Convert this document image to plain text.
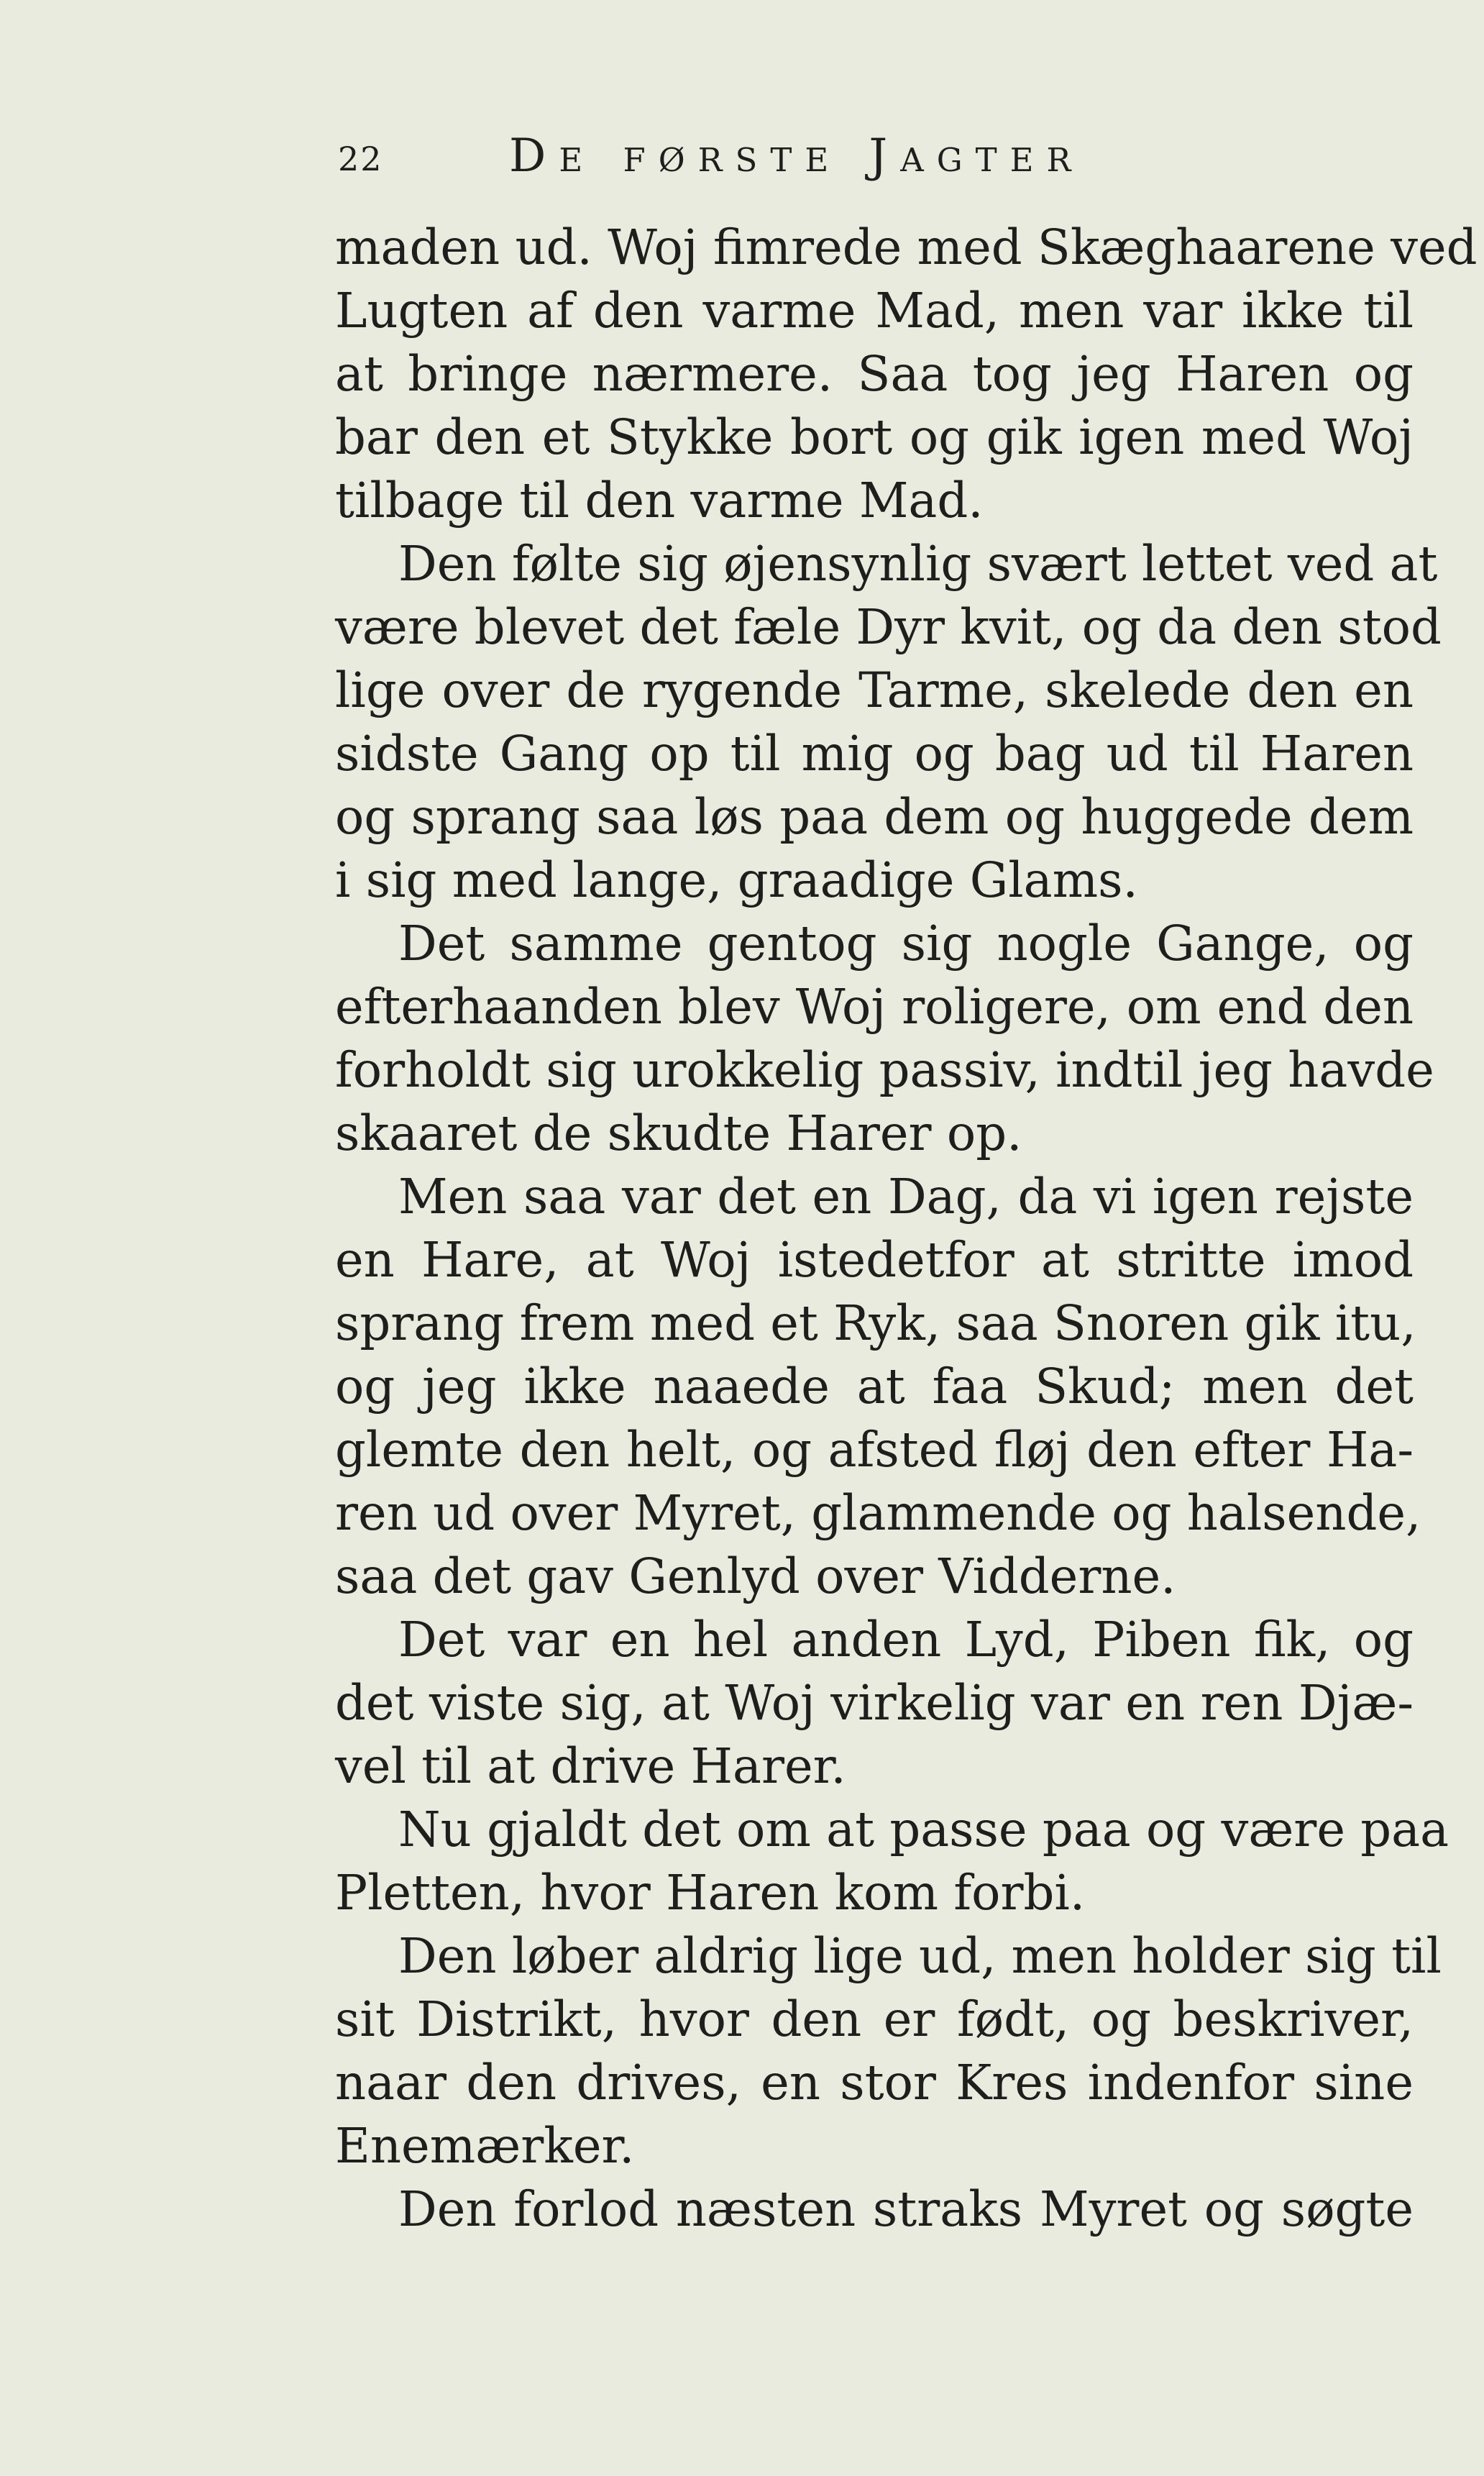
22	De første Jagter
maden ud. Woj fimrede med Skæghaarene ved
Lugten af den varme Mad, men var ikke til
at bringe nærmere. Saa tog jeg Haren og
bar den et Stykke bort og gik igen med Woj
tilbage til den varme Mad.
Den følte sig øjensynlig svært lettet ved at
være blevet det fæle Dyr kvit, og da den stod
lige over de rygende Tarme, skelede den en
sidste Gang op til mig og bag ud til Haren
og sprang saa løs paa dem og huggede dem
i sig med lange, graadige Glams.
Det samme gentog sig nogle Gange, og
efterhaanden blev Woj roligere, om end den
forholdt sig urokkelig passiv, indtil jeg havde
skaaret de skudte Harer op.
Men saa var det en Dag, da vi igen rejste
en Hare, at Woj istedetfor at stritte imod
sprang frem med et Ryk, saa Snoren gik itu,
og jeg ikke naaede at faa Skud; men det
glemte den helt, og afsted fløj den efter Ha-
ren ud over Myret, glammende og halsende,
saa det gav Genlyd over Vidderne.
Det var en hel anden Lyd, Piben fik, og
det viste sig, at Woj virkelig var en ren Djæ-
vel til at drive Harer.
Nu gjaldt det om at passe paa og være paa
Pletten, hvor Haren kom forbi.
Den løber aldrig lige ud, men holder sig til
sit Distrikt, hvor den er født, og beskriver,
naar den drives, en stor Kres indenfor sine
Enemærker.
Den forlod næsten straks Myret og søgte
